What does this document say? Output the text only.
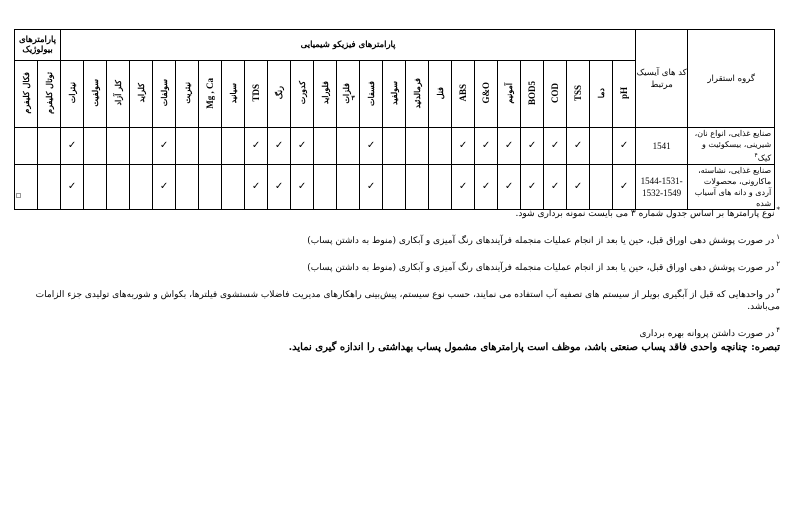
پارامترهای بیولوژیک		پارامترهای فیزیکو شیمیایی																									کد های آیسیک مرتبط	گروه استقرار
فکال کلیفرم	توتال کلیفرم	نیترات	سولفیت	کلر آزاد	کلراید	سولفات	نیتریت	Mg , Ca	سیانید	TDS	رنگ	کدورت	فلوراید	فلزات$^۳$	فسفات	سولفید	فرمالدئید	فنل	ABS	G&O	آمونیم	BOD5	COD	TSS	دما	pH		
		✓				✓				✓	✓	✓			✓				✓	✓	✓	✓	✓	✓		✓	1541	صنایع غذایی، انواع نان، شیرینی، بیسکوئیت و کیک$^۴$
		✓				✓				✓	✓	✓			✓				✓	✓	✓	✓	✓	✓		✓	1544-1531-1532-1549	صنایع غذایی، نشاسته، ماکارونی، محصولات آردی و دانه های آسیاب شده
*نوع پارامترها بر اساس جدول شماره ۳ می بایست نمونه برداری شود.
$^۱$در صورت پوشش دهی اوراق قبل، حین یا بعد از انجام عملیات منجمله فرآیندهای رنگ آمیزی و آبکاری (منوط به داشتن پساب)
$^۲$در صورت پوشش دهی اوراق قبل، حین یا بعد از انجام عملیات منجمله فرآیندهای رنگ آمیزی و آبکاری (منوط به داشتن پساب)
$^۳$در واحدهایی که قبل از آبگیری بویلر از سیستم های تصفیه آب استفاده می نمایند، حسب نوع سیستم، پیش‌بینی راهکارهای مدیریت فاضلاب شستشوی فیلترها، بکواش و شوربه‌های تولیدی جزء الزامات می‌باشد.
$^۴$در صورت داشتن پروانه بهره برداری
تبصره: چنانچه واحدی فاقد پساب صنعتی باشد، موظف است پارامترهای مشمول پساب بهداشتی را اندازه گیری نماید.
